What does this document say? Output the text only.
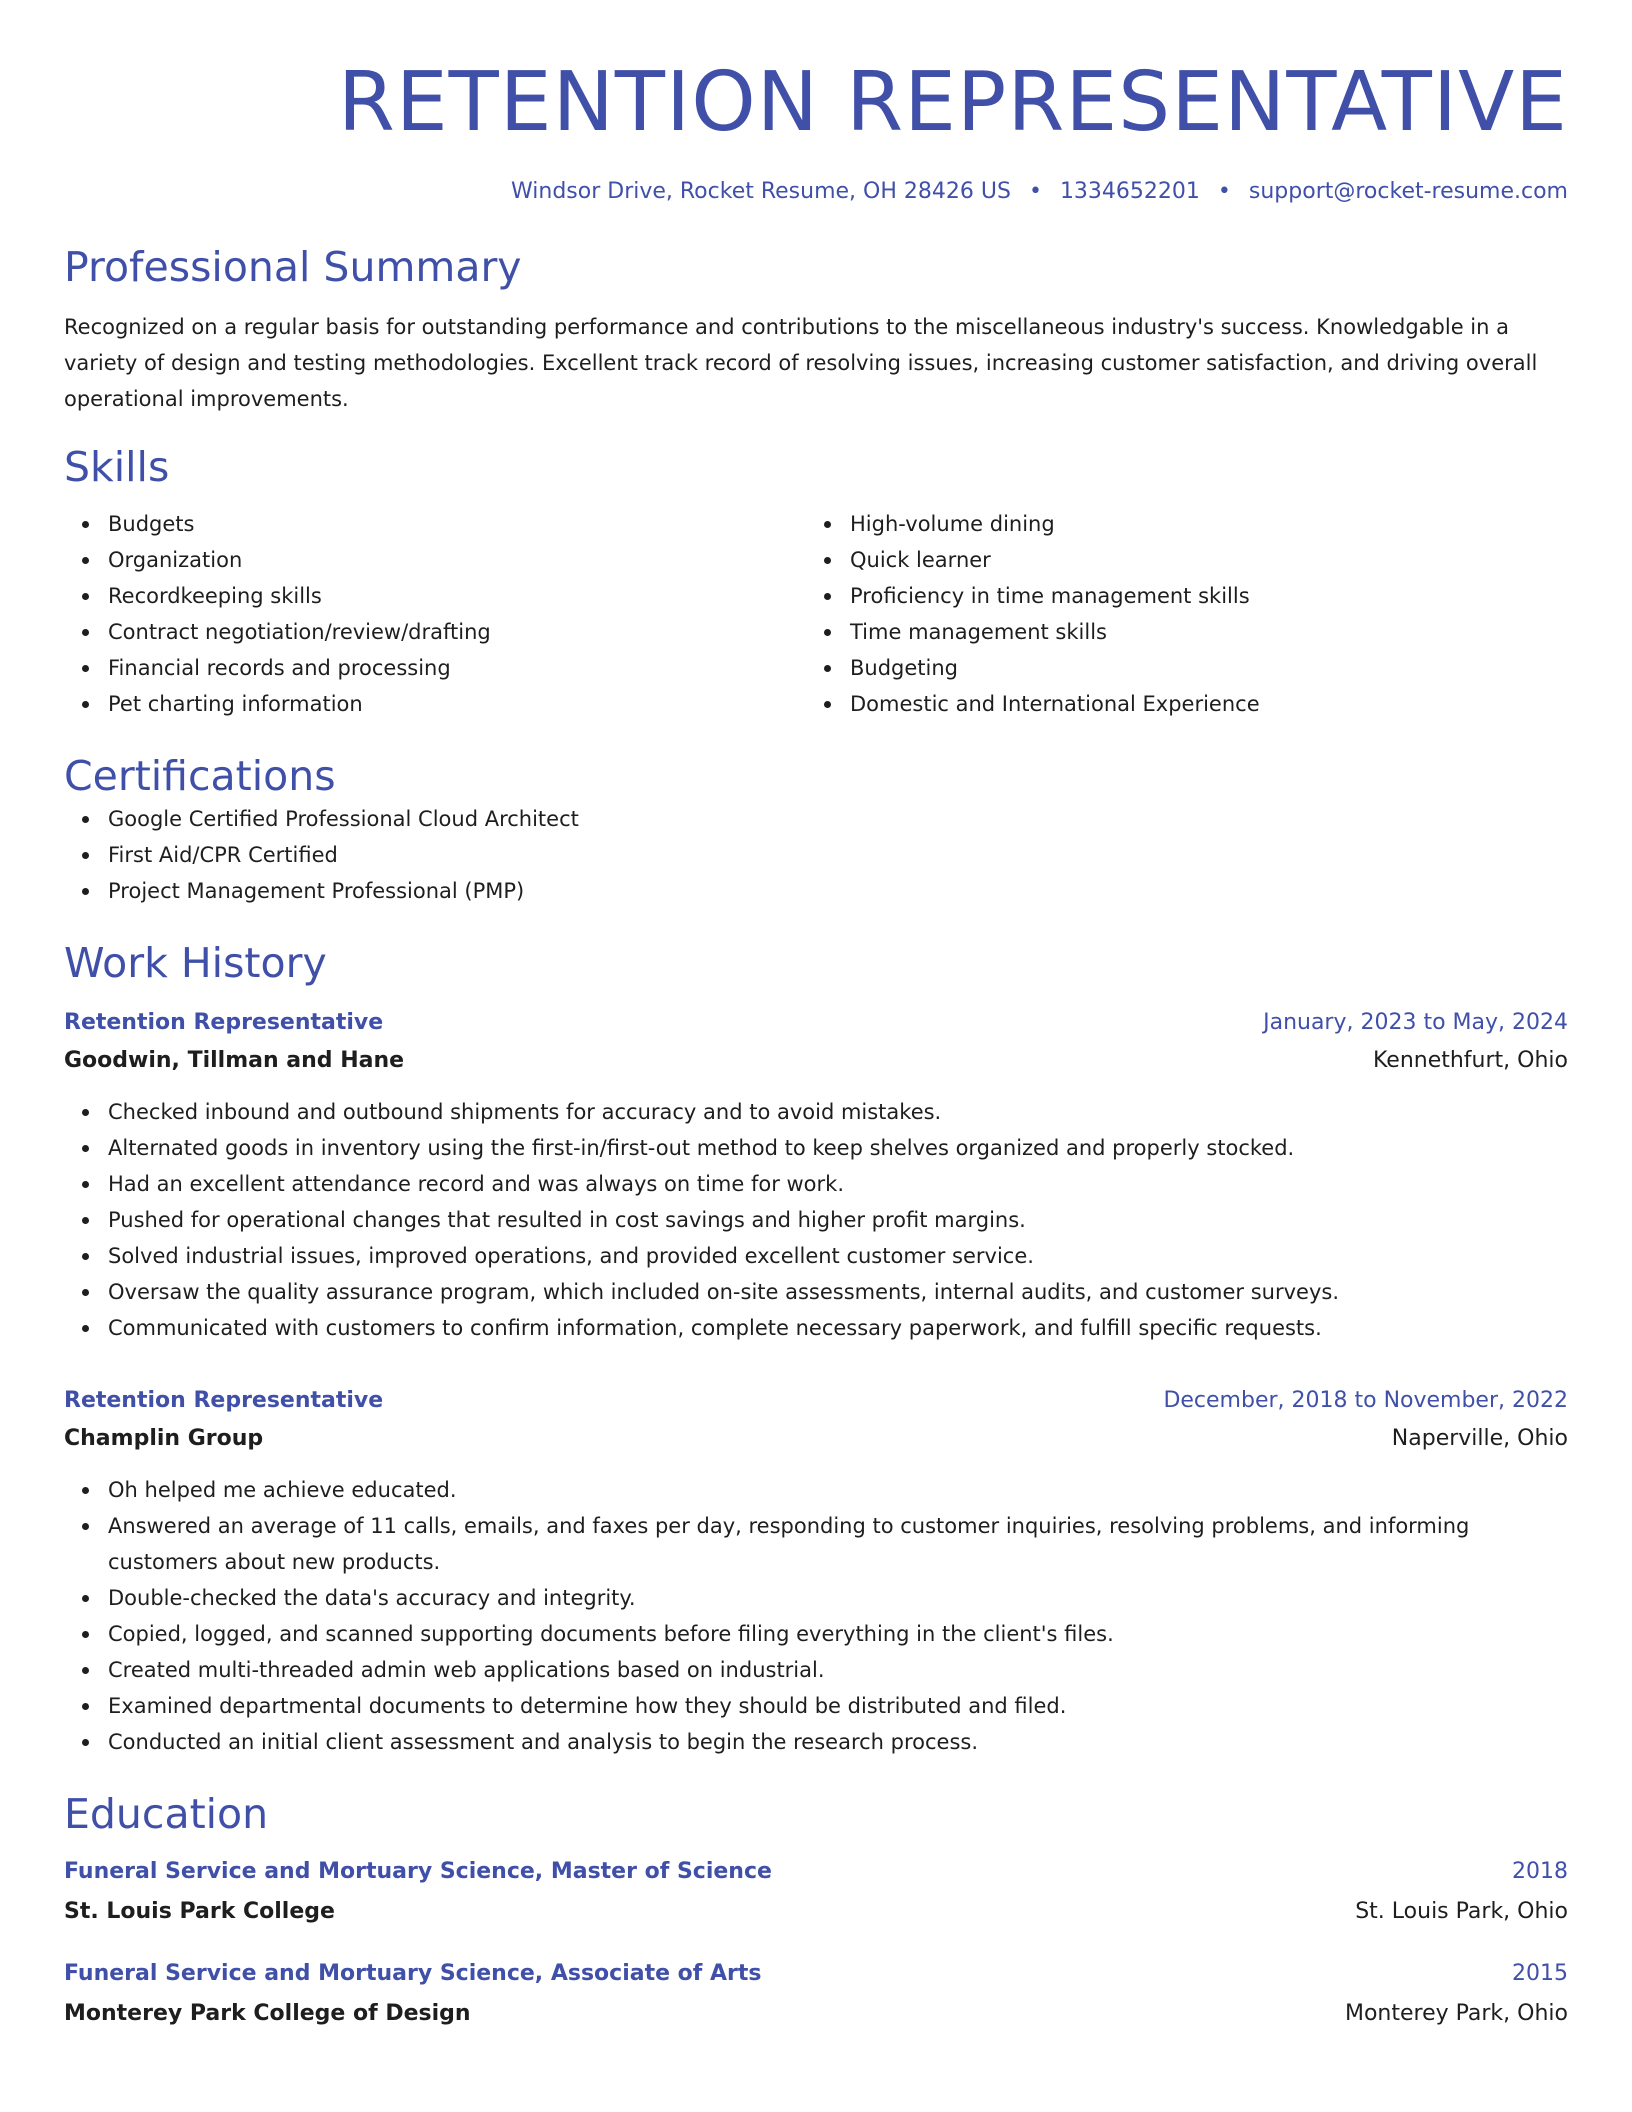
RETENTION REPRESENTATIVE
Windsor Drive, Rocket Resume, OH 28426 US • 1334652201 • support@rocket-resume.com
Professional Summary

Recognized on a regular basis for outstanding performance and contributions to the miscellaneous industry's success. Knowledgable in a variety of design and testing methodologies. Excellent track record of resolving issues, increasing customer satisfaction, and driving overall operational improvements.

Skills
Budgets
Organization
Recordkeeping skills
Contract negotiation/review/drafting
Financial records and processing
Pet charting information
High-volume dining
Quick learner
Proficiency in time management skills
Time management skills
Budgeting
Domestic and International Experience
Certifications
Google Certified Professional Cloud Architect
First Aid/CPR Certified
Project Management Professional (PMP)
Work History
Retention Representative	January, 2023 to May, 2024
Goodwin, Tillman and Hane	Kennethfurt, Ohio
Checked inbound and outbound shipments for accuracy and to avoid mistakes.
Alternated goods in inventory using the first-in/first-out method to keep shelves organized and properly stocked.
Had an excellent attendance record and was always on time for work.
Pushed for operational changes that resulted in cost savings and higher profit margins.
Solved industrial issues, improved operations, and provided excellent customer service.
Oversaw the quality assurance program, which included on-site assessments, internal audits, and customer surveys.
Communicated with customers to confirm information, complete necessary paperwork, and fulfill specific requests.
Retention Representative	December, 2018 to November, 2022
Champlin Group	Naperville, Ohio
Oh helped me achieve educated.
Answered an average of 11 calls, emails, and faxes per day, responding to customer inquiries, resolving problems, and informing customers about new products.
Double-checked the data's accuracy and integrity.
Copied, logged, and scanned supporting documents before filing everything in the client's files.
Created multi-threaded admin web applications based on industrial.
Examined departmental documents to determine how they should be distributed and filed.
Conducted an initial client assessment and analysis to begin the research process.
Education
Funeral Service and Mortuary Science, Master of Science	2018
St. Louis Park College	St. Louis Park, Ohio
Funeral Service and Mortuary Science, Associate of Arts	2015
Monterey Park College of Design	Monterey Park, Ohio
